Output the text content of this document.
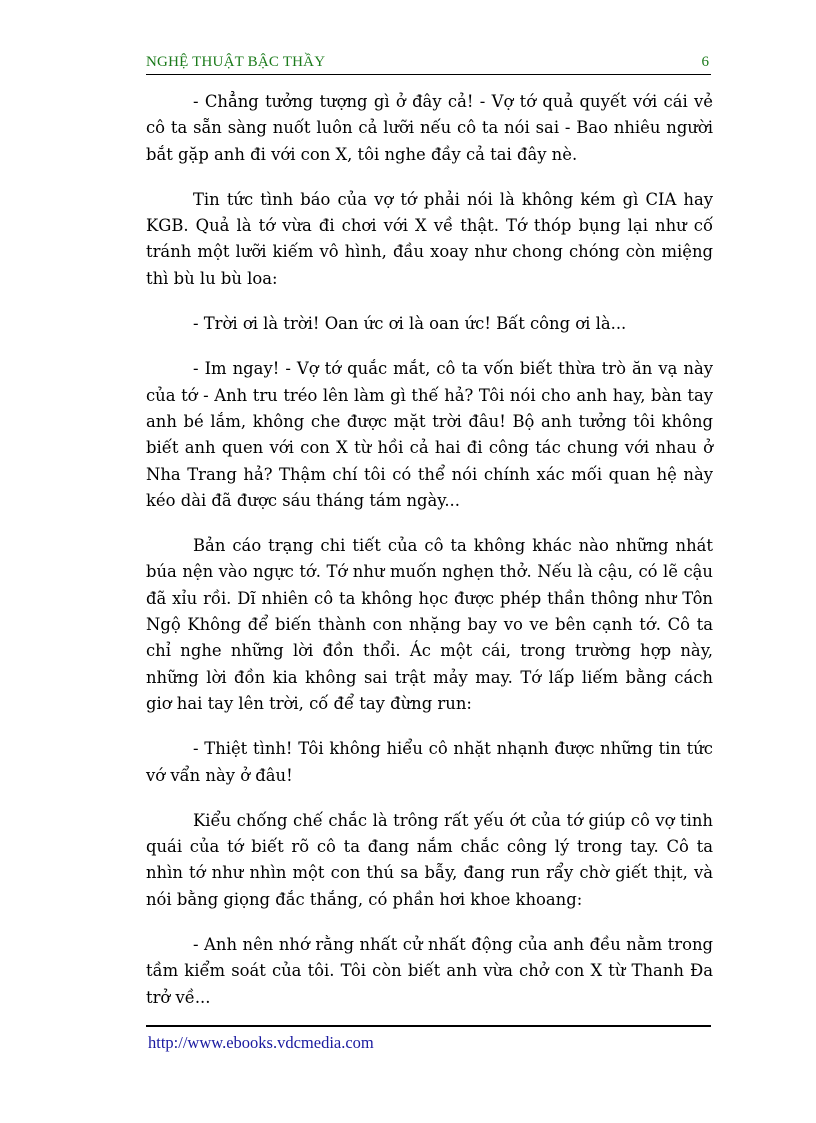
NGHỆ THUẬT BẬC THẦY	6

- Chẳng tưởng tượng gì ở đây cả! - Vợ tớ quả quyết với cái vẻ cô ta sẵn sàng nuốt luôn cả lưỡi nếu cô ta nói sai - Bao nhiêu người bắt gặp anh đi với con X, tôi nghe đầy cả tai đây nè.

Tin tức tình báo của vợ tớ phải nói là không kém gì CIA hay KGB. Quả là tớ vừa đi chơi với X về thật. Tớ thóp bụng lại như cố tránh một lưỡi kiếm vô hình, đầu xoay như chong chóng còn miệng thì bù lu bù loa:

- Trời ơi là trời! Oan ức ơi là oan ức! Bất công ơi là...

- Im ngay! - Vợ tớ quắc mắt, cô ta vốn biết thừa trò ăn vạ này của tớ - Anh tru tréo lên làm gì thế hả? Tôi nói cho anh hay, bàn tay anh bé lắm, không che được mặt trời đâu! Bộ anh tưởng tôi không biết anh quen với con X từ hồi cả hai đi công tác chung với nhau ở Nha Trang hả? Thậm chí tôi có thể nói chính xác mối quan hệ này kéo dài đã được sáu tháng tám ngày...

Bản cáo trạng chi tiết của cô ta không khác nào những nhát búa nện vào ngực tớ. Tớ như muốn nghẹn thở. Nếu là cậu, có lẽ cậu đã xỉu rồi. Dĩ nhiên cô ta không học được phép thần thông như Tôn Ngộ Không để biến thành con nhặng bay vo ve bên cạnh tớ. Cô ta chỉ nghe những lời đồn thổi. Ác một cái, trong trường hợp này, những lời đồn kia không sai trật mảy may. Tớ lấp liếm bằng cách giơ hai tay lên trời, cố để tay đừng run:

- Thiệt tình! Tôi không hiểu cô nhặt nhạnh được những tin tức vớ vẩn này ở đâu!

Kiểu chống chế chắc là trông rất yếu ớt của tớ giúp cô vợ tinh quái của tớ biết rõ cô ta đang nắm chắc công lý trong tay. Cô ta nhìn tớ như nhìn một con thú sa bẫy, đang run rẩy chờ giết thịt, và nói bằng giọng đắc thắng, có phần hơi khoe khoang:

- Anh nên nhớ rằng nhất cử nhất động của anh đều nằm trong tầm kiểm soát của tôi. Tôi còn biết anh vừa chở con X từ Thanh Đa trở về...

http://www.ebooks.vdcmedia.com
